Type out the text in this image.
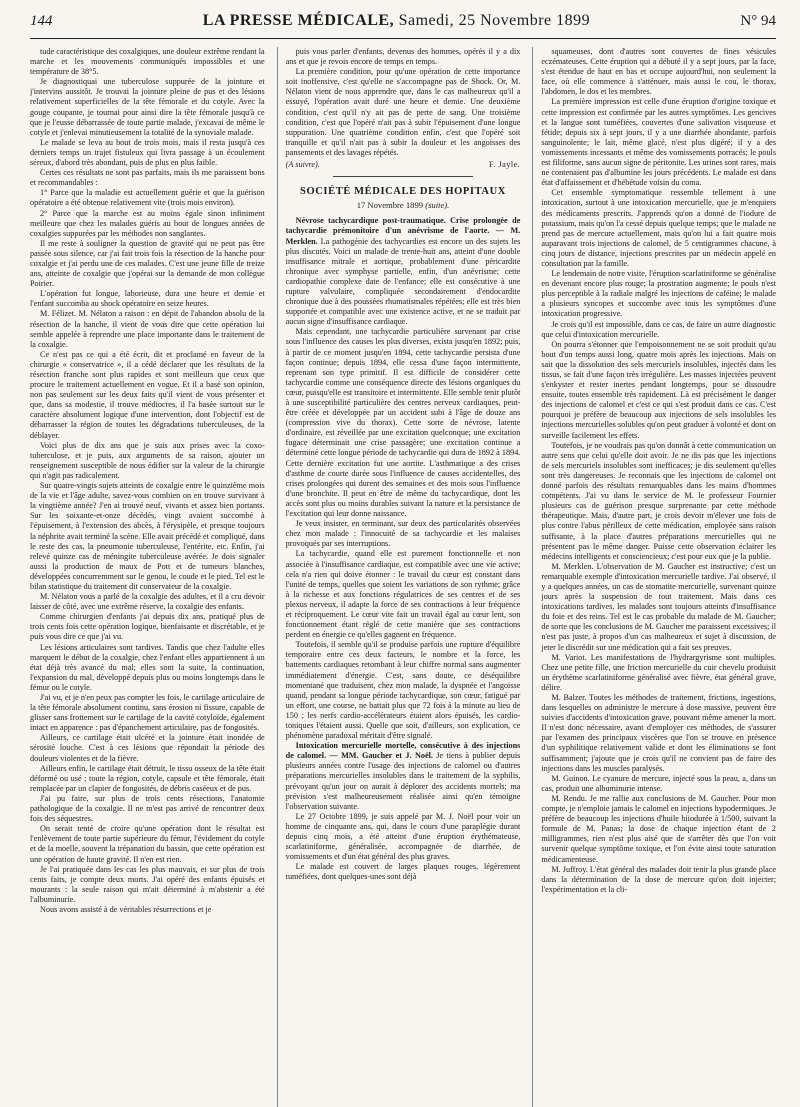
144	LA PRESSE MÉDICALE, Samedi, 25 Novembre 1899	N° 94

tude caractéristique des coxalgiques, une douleur extrême rendant la marche et les mouvements communiqués impossibles et une température de 38°5.

Je diagnostiquai une tuberculose suppurée de la jointure et j'intervins aussitôt. Je trouvai la jointure pleine de pus et des lésions relativement superficielles de la tête fémorale et du cotyle. Avec la gouge coupante, je tournai pour ainsi dire la tête fémorale jusqu'à ce que je l'eusse débarrassée de toute partie malade, j'excavai de même le cotyle et j'enlevai minutieusement la totalité de la synoviale malade.

Le malade se leva au bout de trois mois, mais il resta jusqu'à ces derniers temps un trajet fistuleux qui livra passage à un écoulement séreux, d'abord très abondant, puis de plus en plus faible.

Certes ces résultats ne sont pas parfaits, mais ils me paraissent bons et recommandables :

1° Parce que la maladie est actuellement guérie et que la guérison opératoire a été obtenue relativement vite (trois mois environ).

2° Parce que la marche est au moins égale sinon infiniment meilleure que chez les malades guéris au bout de longues années de coxalgies suppurées par les méthodes non sanglantes.

Il me reste à souligner la question de gravité qui ne peut pas être passée sous silence, car j'ai fait trois fois la résection de la hanche pour coxalgie et j'ai perdu une de ces malades. C'est une jeune fille de treize ans, atteinte de coxalgie que j'opérai sur la demande de mon collègue Poirier.

L'opération fut longue, laborieuse, dura une heure et demie et l'enfant succomba au shock opératoire en seize heures.

M. Félizet. M. Nélaton a raison : en dépit de l'abandon absolu de la résection de la hanche, il vient de vous dire que cette opération lui semble appelée à reprendre une place importante dans le traitement de la coxalgie.

Ce n'est pas ce qui a été écrit, dit et proclamé en faveur de la chirurgie « conservatrice », il a cédé déclarer que les résultats de la résection franche sont plus rapides et sont meilleurs que ceux que procure le traitement actuellement en vogue. Et il a basé son opinion, non pas seulement sur les deux faits qu'il vient de vous présenter et que, dans sa modestie, il trouve médiocres, il l'a basée surtout sur le caractère absolument logique d'une intervention, dont l'objectif est de débarrasser la région de toutes les dégradations tuberculeuses, de la déblayer.

Voici plus de dix ans que je suis aux prises avec la coxo-tuberculose, et je puis, aux arguments de sa raison, ajouter un renseignement susceptible de nous édifier sur la valeur de la chirurgie qui n'agit pas radicalement.

Sur quatre-vingts sujets atteints de coxalgie entre le quinzième mois de la vie et l'âge adulte, savez-vous combien on en trouve survivant à la vingtième année? J'en ai trouvé neuf, vivants et assez bien portants. Sur les soixante-et-onze décédés, vingt avaient succombé à l'épuisement, à l'extension des abcès, à l'érysipèle, et presque toujours la néphrite avait terminé la scène. Elle avait précédé et compliqué, dans le reste des cas, la pneumonie tuberculeuse, l'entérite, etc. Enfin, j'ai relevé quinze cas de méningite tuberculeuse avérée. Je dois signaler aussi la production de maux de Pott et de tumeurs blanches, développées concurremment sur le genou, le coude et le pied. Tel est le bilan statistique du traitement dit conservateur de la coxalgie.

M. Nélaton vous a parlé de la coxalgie des adultes, et il a cru devoir laisser de côté, avec une extrême réserve, la coxalgie des enfants.

Comme chirurgien d'enfants j'ai depuis dix ans, pratiqué plus de trois cents fois cette opération logique, bienfaisante et discrétable, et je puis vous dire ce que j'ai vu.

Les lésions articulaires sont tardives. Tandis que chez l'adulte elles marquent le début de la coxalgie, chez l'enfant elles appartiennent à un état déjà très avancé du mal; elles sont la suite, la continuation, l'expansion du mal, développé depuis plus ou moins longtemps dans le fémur ou le cotyle.

J'ai vu, et je n'en peux pas compter les fois, le cartilage articulaire de la tête fémorale absolument continu, sans érosion ni fissure, capable de glisser sans frottement sur le cartilage de la cavité cotyloïde, également intact en apparence : pas d'épanchement articulaire, pas de fongosités.

Ailleurs, ce cartilage était ulcéré et la jointure était inondée de sérosité louche. C'est à ces lésions que répondait la période des douleurs violentes et de la fièvre.

Ailleurs enfin, le cartilage était détruit, le tissu osseux de la tête était déformé ou usé ; toute la région, cotyle, capsule et tête fémorale, était remplacée par un clapier de fongosités, de débris caséeux et de pus.

J'ai pu faire, sur plus de trois cents résections, l'anatomie pathologique de la coxalgie. Il ne m'est pas arrivé de rencontrer deux fois des séquestres.

On serait tenté de croire qu'une opération dont le résultat est l'enlèvement de toute partie supérieure du fémur, l'évidement du cotyle et de la moelle, souvent la trépanation du bassin, que cette opération est une opération de haute gravité. Il n'en est rien.

Je l'ai pratiquée dans les cas les plus mauvais, et sur plus de trois cents faits, je compte deux morts. J'ai opéré des enfants épuisés et mourants : la seule raison qui m'ait déterminé à m'abstenir a été l'albuminurie.

Nous avons assisté à de véritables résurrections et je

puis vous parler d'enfants, devenus des hommes, opérés il y a dix ans et que je revois encore de temps en temps.

La première condition, pour qu'une opération de cette importance soit inoffensive, c'est qu'elle ne s'accompagne pas de Shock. Or, M. Nélaton vient de nous apprendre que, dans le cas malheureux qu'il a essuyé, l'opération avait duré une heure et demie. Une deuxième condition, c'est qu'il n'y ait pas de perte de sang. Une troisième condition, c'est que l'opéré n'ait pas à subir l'épuisement d'une longue suppuration. Une quatrième condition enfin, c'est que l'opéré soit tranquille et qu'il n'ait pas à subir la douleur et les angoisses des pansements et des lavages répétés.

(A suivre).	F. Jayle.
SOCIÉTÉ MÉDICALE DES HOPITAUX
17 Novembre 1899 (suite).

Névrose tachycardique post-traumatique. Crise prolongée de tachycardie prémonitoire d'un anévrisme de l'aorte. — M. Merklen. La pathogénie des tachycardies est encore un des sujets les plus discutés. Voici un malade de trente-huit ans, atteint d'une double insuffisance mitrale et aortique, probablement d'une péricardite chronique avec symphyse partielle, enfin, d'un anévrisme; cette cardiopathie complexe date de l'enfance; elle est consécutive à une rupture valvulaire, compliquée secondairement d'endocardite chronique due à des poussées rhumatismales répétées; elle est très bien supportée et compatible avec une existence active, et ne se traduit par aucun signe d'insuffisance cardiaque.

Mais cependant, une tachycardie particulière survenant par crise sous l'influence des causes les plus diverses, exista jusqu'en 1892; puis, à partir de ce moment jusqu'en 1894, cette tachycardie persista d'une façon continue; depuis 1894, elle cessa d'une façon intermittente, reprenant son type primitif. Il est difficile de considérer cette tachycardie comme une conséquence directe des lésions organiques du cœur, puisqu'elle est transitoire et intermittente. Elle semble tenir plutôt à une susceptibilité particulière des centres nerveux cardiaques, peut-être créée et développée par un accident subi à l'âge de douze ans (compression vive du thorax). Cette sorte de névrose, latente d'ordinaire, est réveillée par une excitation quelconque; une excitation fugace déterminait une crise passagère; une excitation continue a déterminé cette longue période de tachycardie qui dura de 1892 à 1894. Cette dernière excitation fut une aortite. L'asthmatique a des crises d'asthme de courte durée sous l'influence de causes accidentelles, des crises prolongées qui durent des semaines et des mois sous l'influence d'une bronchite. Il peut en être de même du tachycardique, dont les accès sont plus ou moins durables suivant la nature et la persistance de l'excitation qui leur donne naissance.

Je veux insister, en terminant, sur deux des particularités observées chez mon malade : l'innocuité de sa tachycardie et les malaises provoqués par ses interruptions.

La tachycardie, quand elle est purement fonctionnelle et non associée à l'insuffisance cardiaque, est compatible avec une vie active; cela n'a rien qui doive étonner : le travail du cœur est constant dans l'unité de temps, quelles que soient les variations de son rythme; grâce à la richesse et aux fonctions régulatrices de ses centres et de ses plexus nerveux, il adapte la force de ses contractions à leur fréquence et réciproquement. Le cœur vite fait un travail égal au cœur lent, son fonctionnement étant réglé de cette manière que ses contractions perdent en énergie ce qu'elles gagnent en fréquence.

Toutefois, il semble qu'il se produise parfois une rupture d'équilibre temporaire entre ces deux facteurs, le nombre et la force, les battements cardiaques retombant à leur chiffre normal sans augmenter immédiatement d'énergie. C'est, sans doute, ce déséquilibre momentané que traduisent, chez mon malade, la dyspnée et l'angoisse quand, pendant sa longue période tachycardique, son cœur, fatigué par un effort, une course, ne battait plus que 72 fois à la minute au lieu de 150 ; les nerfs cardio-accélérateurs étaient alors épuisés, les cardio-toniques l'étaient aussi. Quelle que soit, d'ailleurs, son explication, ce phénomène paradoxal méritait d'être signalé.

Intoxication mercurielle mortelle, consécutive à des injections de calomel. — MM. Gaucher et J. Noël. Je tiens à publier depuis plusieurs années contre l'usage des injections de calomel ou d'autres préparations mercurielles insolubles dans le traitement de la syphilis, prévoyant qu'un jour on aurait à déplorer des accidents mortels; ma prévision s'est malheureusement réalisée ainsi qu'en témoigne l'observation suivante.

Le 27 Octobre 1899, je suis appelé par M. J. Noël pour voir un homme de cinquante ans, qui, dans le cours d'une paraplégie durant depuis cinq mois, a été atteint d'une éruption érythémateuse, scarlatiniforme, généralisée, accompagnée de diarrhée, de vomissements et d'un état général des plus graves.

Le malade est couvert de larges plaques rouges, légèrement tuméfiées, dont quelques-unes sont déjà

squameuses, dont d'autres sont couvertes de fines vésicules eczémateuses. Cette éruption qui a débuté il y a sept jours, par la face, s'est étendue de haut en bas et occupe aujourd'hui, non seulement la face, où elle commence à s'atténuer, mais aussi le cou, le thorax, l'abdomen, le dos et les membres.

La première impression est celle d'une éruption d'origine toxique et cette impression est confirmée par les autres symptômes. Les gencives et la langue sont tuméfiées, couvertes d'une salivation visqueuse et fétide; depuis six à sept jours, il y a une diarrhée abondante, parfois sanguinolente; le lait, même glacé, n'est plus digéré; il y a des vomissements incessants et même des vomissements porracés; le pouls est filiforme, sans aucun signe de péritonite. Les urines sont rares, mais ne contenaient pas d'albumine les jours précédents. Le malade est dans état d'affaissement et d'hébétude voisin du coma.

Cet ensemble symptomatique ressemble tellement à une intoxication, surtout à une intoxication mercurielle, que je m'enquiers des médicaments prescrits. J'apprends qu'on a donné de l'iodure de potassium, mais qu'on l'a cessé depuis quelque temps; que le malade ne prend pas de mercure actuellement, mais qu'on lui a fait quatre mois auparavant trois injections de calomel, de 5 centigrammes chacune, à cinq jours de distance, injections prescrites par un médecin appelé en consultation par la famille.

Le lendemain de notre visite, l'éruption scarlatiniforme se généralise en devenant encore plus rouge; la prostration augmente; le pouls n'est plus perceptible à la radiale malgré les injections de caféine; le malade a plusieurs syncopes et succombe avec tous les symptômes d'une intoxication progressive.

Je crois qu'il est impossible, dans ce cas, de faire un autre diagnostic que celui d'intoxication mercurielle.

On pourra s'étonner que l'empoisonnement ne se soit produit qu'au bout d'un temps aussi long, quatre mois après les injections. Mais on sait que la dissolution des sels mercuriels insolubles, injectés dans les tissus, se fait d'une façon très irrégulière. Les masses injectées peuvent s'enkyster et rester inertes pendant longtemps, pour se dissoudre ensuite, toutes ensemble très rapidement. Là est précisément le danger des injections de calomel et c'est ce qui s'est produit dans ce cas. C'est pourquoi je préfère de beaucoup aux injections de sels insolubles les injections mercurielles solubles qu'on peut graduer à volonté et dont on surveille facilement les effets.

Toutefois, je ne voudrais pas qu'on donnât à cette communication un autre sens que celui qu'elle doit avoir. Je ne dis pas que les injections de sels mercuriels insolubles sont inefficaces; je dis seulement qu'elles sont très dangereuses. Je reconnais que les injections de calomel ont donné parfois des résultats remarquables dans les mains d'hommes compétents. J'ai vu dans le service de M. le professeur Fournier plusieurs cas de guérison presque surprenante par cette méthode thérapeutique. Mais, d'autre part, je crois devoir m'élever une fois de plus contre l'abus périlleux de cette médication, employée sans raison suffisante, à la place d'autres préparations mercurielles qui ne présentent pas le même danger. Puisse cette observation éclairer les médecins intelligents et consciencieux; c'est pour eux que je la publie.

M. Merklen. L'observation de M. Gaucher est instructive; c'est un remarquable exemple d'intoxication mercurielle tardive. J'ai observé, il y a quelques années, un cas de stomatite mercurielle, survenant quinze jours après la suspension de tout traitement. Mais dans ces intoxications tardives, les malades sont toujours atteints d'insuffisance du foie et des reins. Tel est le cas probable du malade de M. Gaucher; de sorte que les conclusions de M. Gaucher me paraissent excessives; il n'est pas juste, à propos d'un cas malheureux et sujet à discussion, de jeter le discrédit sur une médication qui a fait ses preuves.

M. Variot. Les manifestations de l'hydrargyrisme sont multiples. Chez une petite fille, une friction mercurielle du cuir chevelu produisit un érythème scarlatiniforme généralisé avec fièvre, état général grave, délire.

M. Balzer. Toutes les méthodes de traitement, frictions, ingestions, dans lesquelles on administre le mercure à dose massive, peuvent être suivies d'accidents d'intoxication grave, pouvant même amener la mort. Il n'est donc nécessaire, avant d'employer ces méthodes, de s'assurer par l'examen des principaux viscères que l'on se trouve en présence d'un syphilitique relativement valide et dont les éliminations se font suffisamment; j'ajoute que je crois qu'il ne convient pas de faire des injections dans les muscles paralysés.

M. Guinon. Le cyanure de mercure, injecté sous la peau, a, dans un cas, produit une albuminurie intense.

M. Rendu. Je me rallie aux conclusions de M. Gaucher. Pour mon compte, je n'emploie jamais le calomel en injections hypodermiques. Je préfère de beaucoup les injections d'huile biiodurée à 1/500, suivant la formule de M. Panas; la dose de chaque injection étant de 2 milligrammes, rien n'est plus aisé que de s'arrêter dès que l'on voit survenir quelque symptôme toxique, et l'on évite ainsi toute saturation médicamenteuse.

M. Juffroy. L'état général des malades doit tenir la plus grande place dans la détermination de la dose de mercure qu'on doit injecter; l'expérimentation et la cli-
